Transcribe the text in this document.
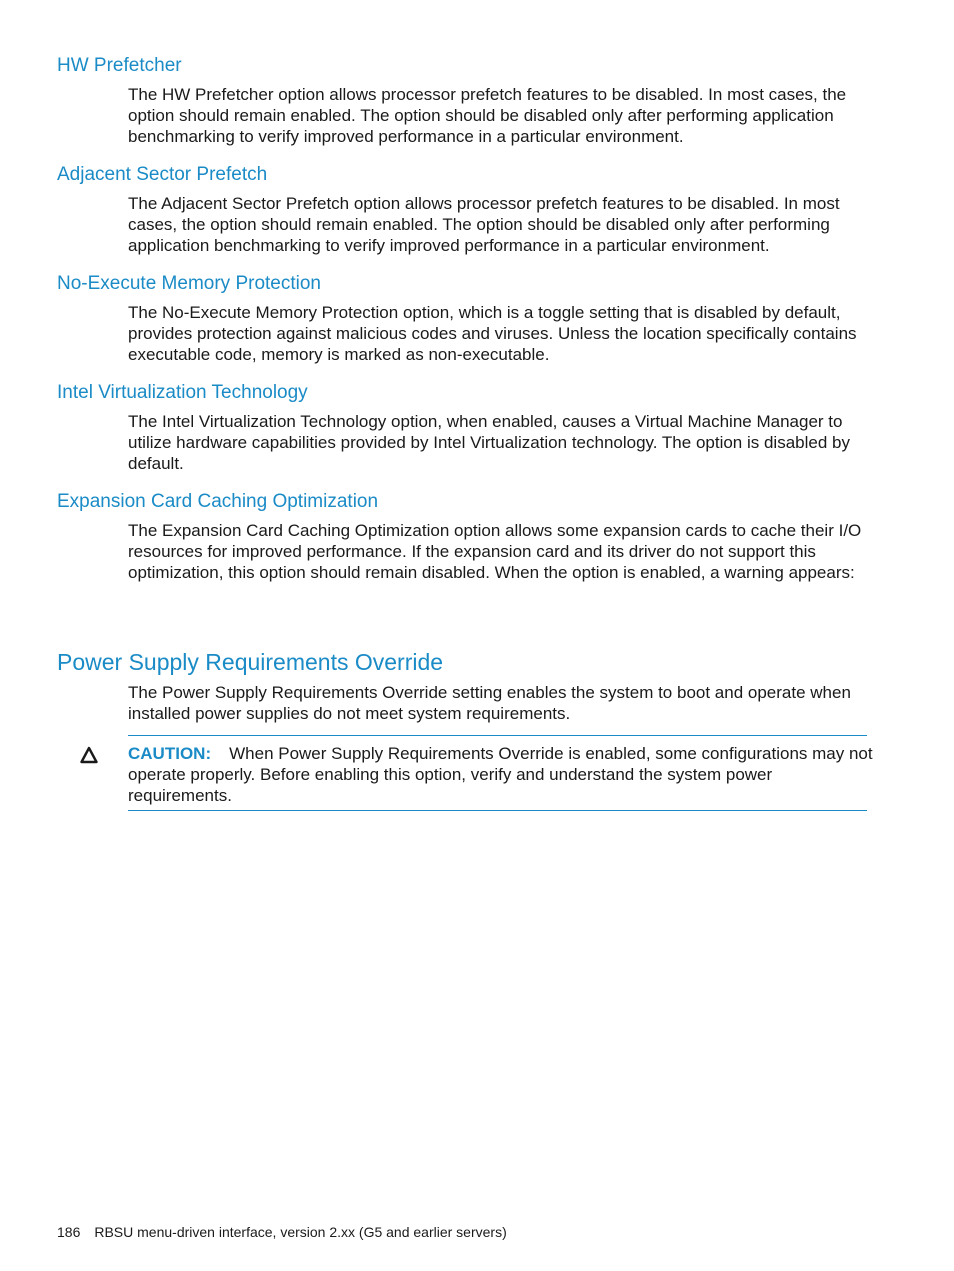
HW Prefetcher

The HW Prefetcher option allows processor prefetch features to be disabled. In most cases, the option should remain enabled. The option should be disabled only after performing application benchmarking to verify improved performance in a particular environment.

Adjacent Sector Prefetch

The Adjacent Sector Prefetch option allows processor prefetch features to be disabled. In most cases, the option should remain enabled. The option should be disabled only after performing application benchmarking to verify improved performance in a particular environment.

No-Execute Memory Protection

The No-Execute Memory Protection option, which is a toggle setting that is disabled by default, provides protection against malicious codes and viruses. Unless the location specifically contains executable code, memory is marked as non-executable.

Intel Virtualization Technology

The Intel Virtualization Technology option, when enabled, causes a Virtual Machine Manager to utilize hardware capabilities provided by Intel Virtualization technology. The option is disabled by default.

Expansion Card Caching Optimization

The Expansion Card Caching Optimization option allows some expansion cards to cache their I/O resources for improved performance. If the expansion card and its driver do not support this optimization, this option should remain disabled. When the option is enabled, a warning appears:

Power Supply Requirements Override

The Power Supply Requirements Override setting enables the system to boot and operate when installed power supplies do not meet system requirements.

CAUTION: When Power Supply Requirements Override is enabled, some configurations may not operate properly. Before enabling this option, verify and understand the system power requirements.

186 RBSU menu-driven interface, version 2.xx (G5 and earlier servers)
